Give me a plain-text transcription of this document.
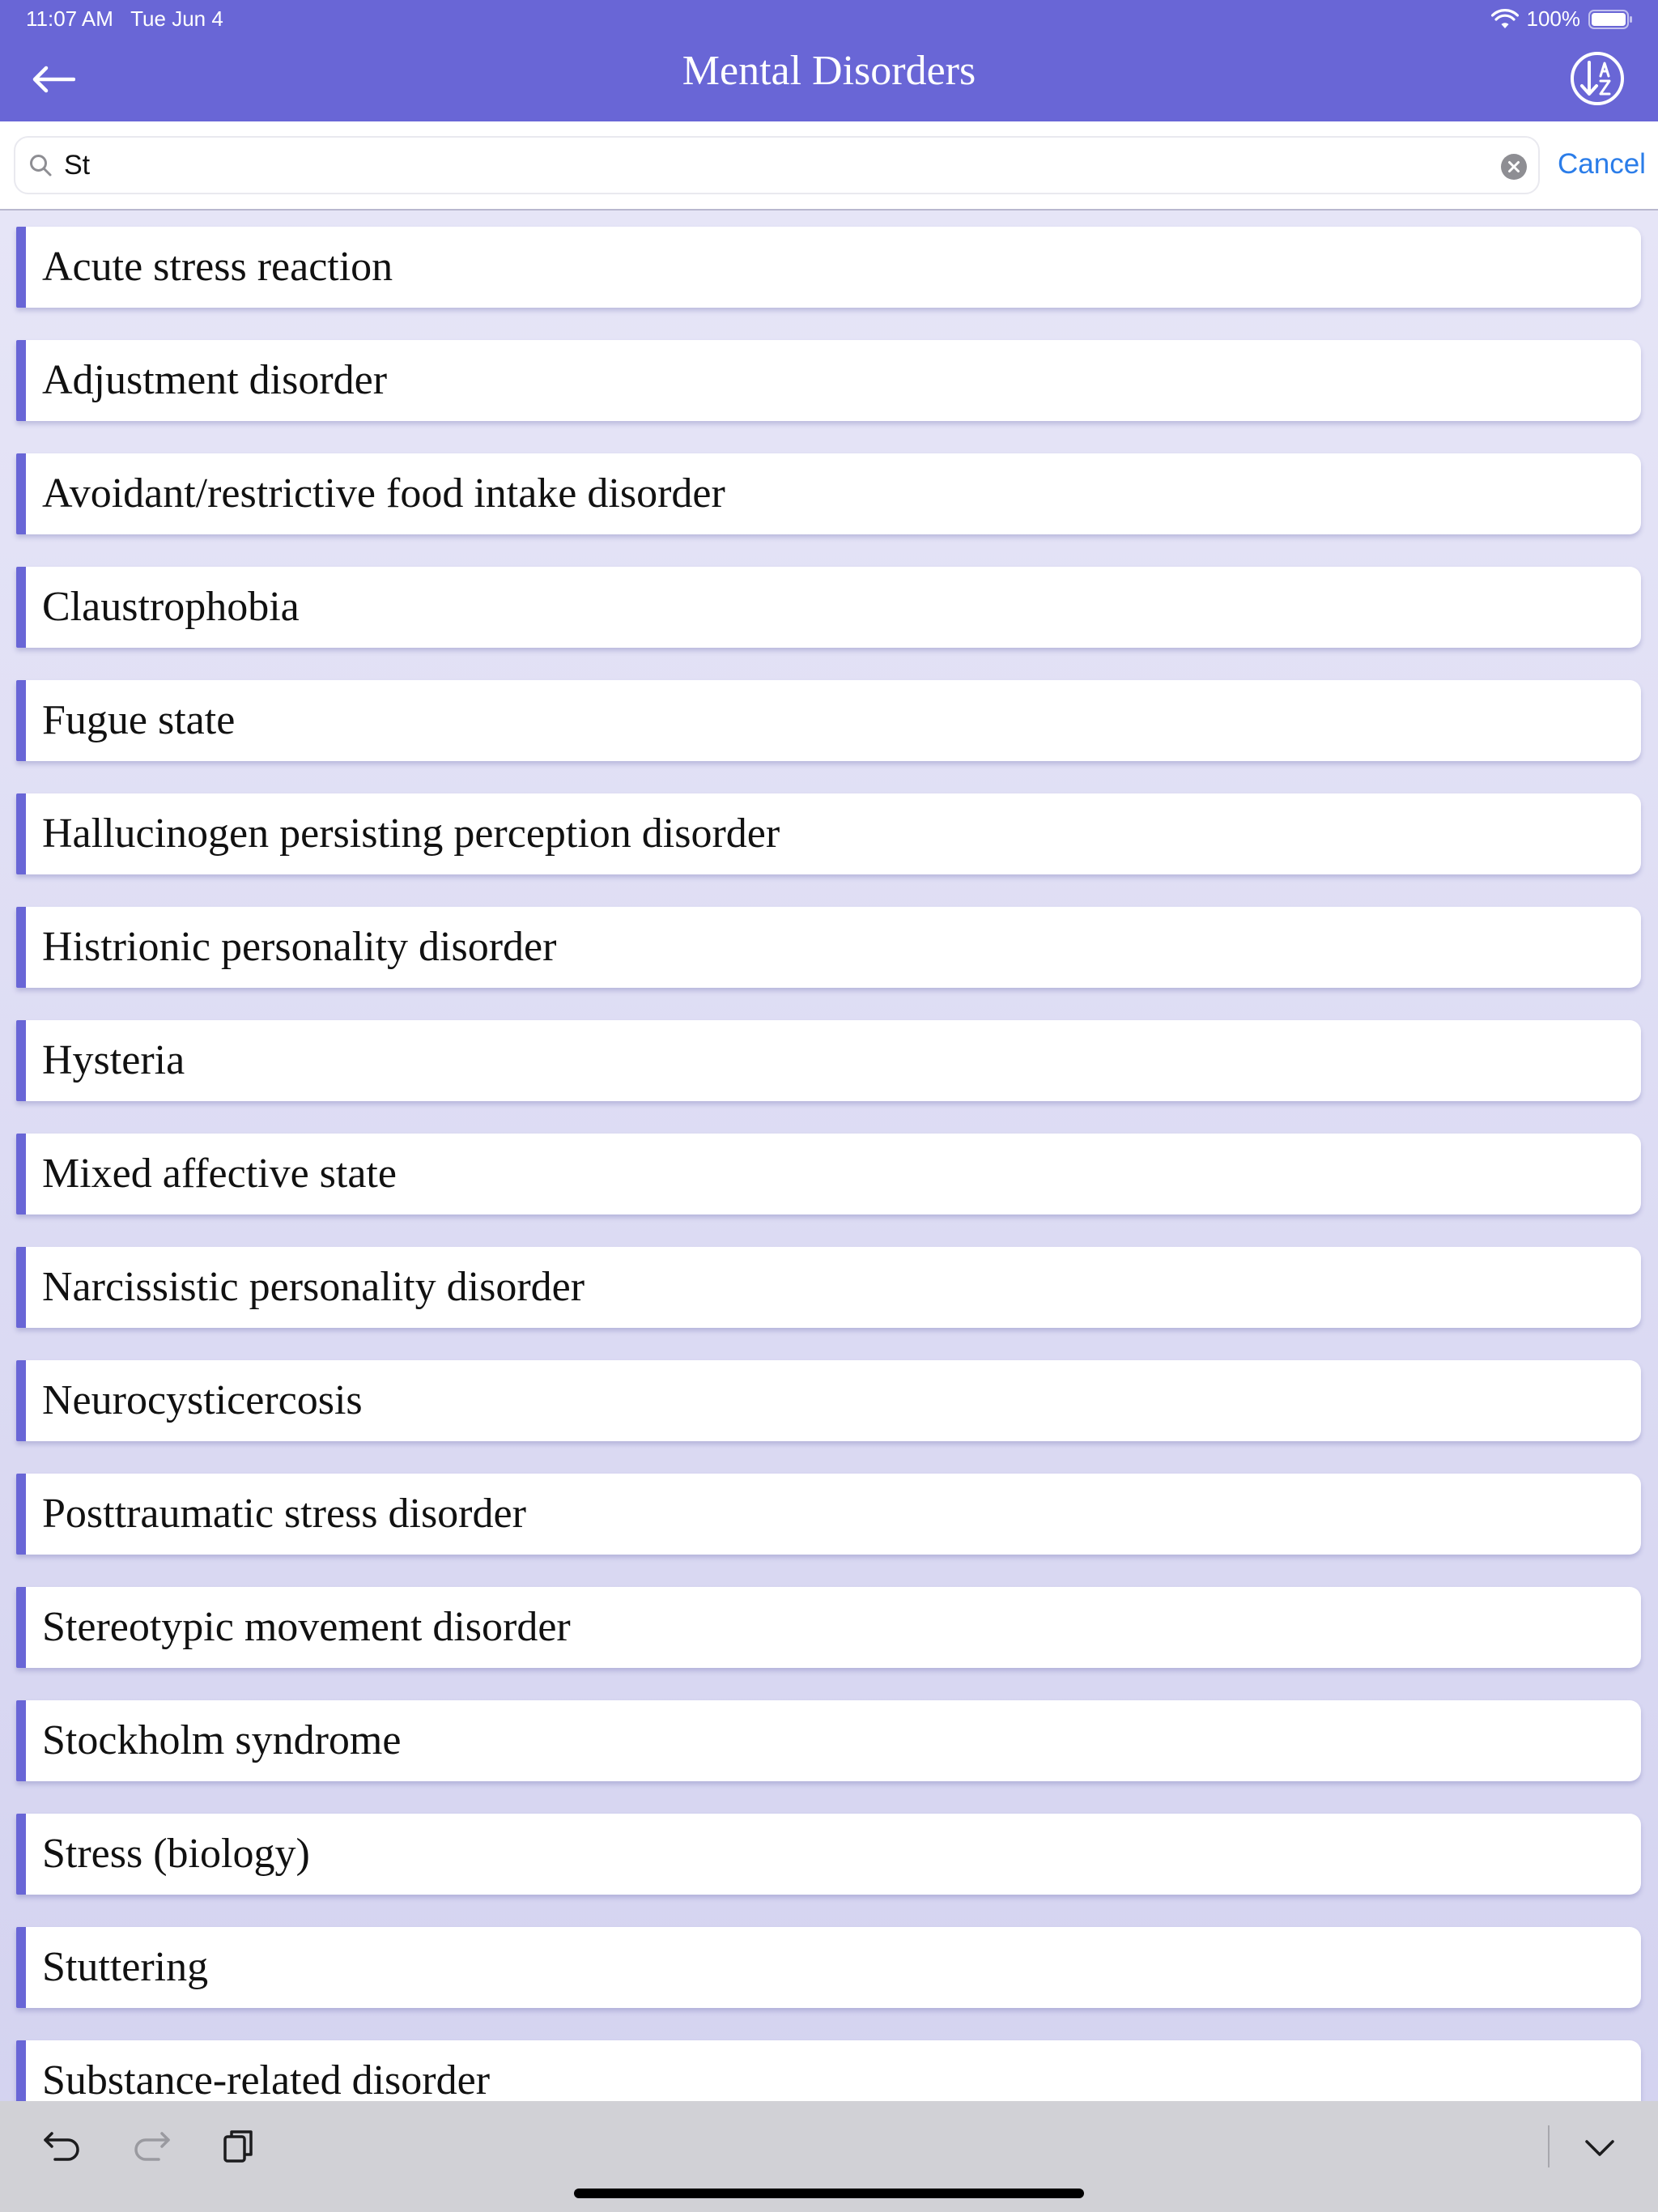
11:07 AM Tue Jun 4	100%
Mental Disorders
St
Cancel
Acute stress reaction
Adjustment disorder
Avoidant/restrictive food intake disorder
Claustrophobia
Fugue state
Hallucinogen persisting perception disorder
Histrionic personality disorder
Hysteria
Mixed affective state
Narcissistic personality disorder
Neurocysticercosis
Posttraumatic stress disorder
Stereotypic movement disorder
Stockholm syndrome
Stress (biology)
Stuttering
Substance-related disorder
